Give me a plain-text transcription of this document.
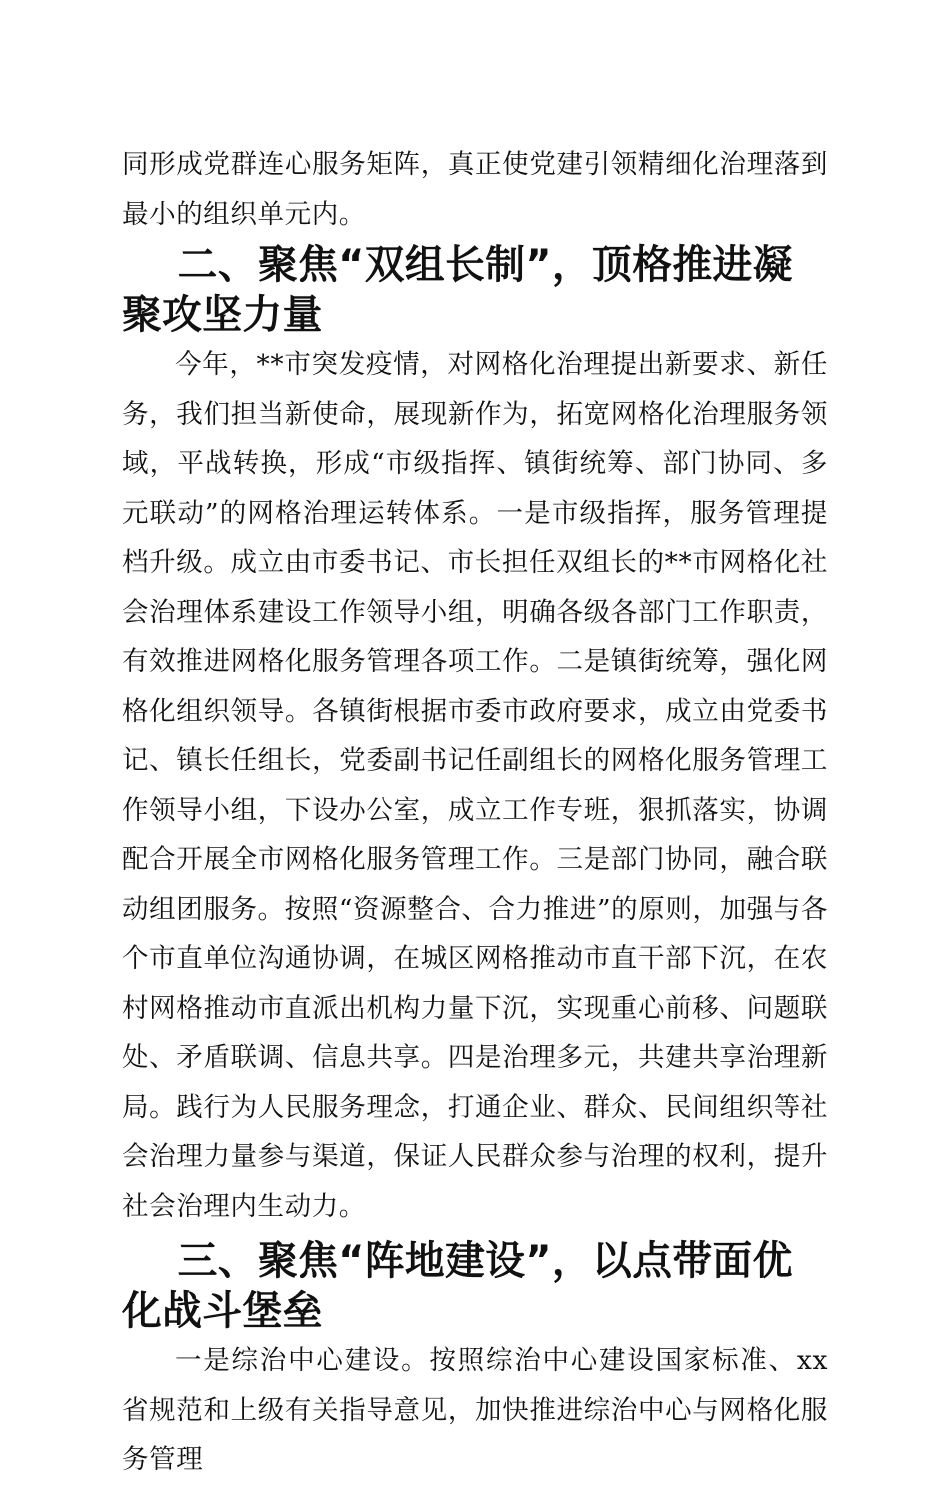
同形成党群连心服务矩阵，真正使党建引领精细化治理落到最小的组织单元内。

二、聚焦“双组长制”，顶格推进凝聚攻坚力量

今年，**市突发疫情，对网格化治理提出新要求、新任务，我们担当新使命，展现新作为，拓宽网格化治理服务领域，平战转换，形成“市级指挥、镇街统筹、部门协同、多元联动”的网格治理运转体系。一是市级指挥，服务管理提档升级。成立由市委书记、市长担任双组长的**市网格化社会治理体系建设工作领导小组，明确各级各部门工作职责，有效推进网格化服务管理各项工作。二是镇街统筹，强化网格化组织领导。各镇街根据市委市政府要求，成立由党委书记、镇长任组长，党委副书记任副组长的网格化服务管理工作领导小组，下设办公室，成立工作专班，狠抓落实，协调配合开展全市网格化服务管理工作。三是部门协同，融合联动组团服务。按照“资源整合、合力推进”的原则，加强与各个市直单位沟通协调，在城区网格推动市直干部下沉，在农村网格推动市直派出机构力量下沉，实现重心前移、问题联处、矛盾联调、信息共享。四是治理多元，共建共享治理新局。践行为人民服务理念，打通企业、群众、民间组织等社会治理力量参与渠道，保证人民群众参与治理的权利，提升社会治理内生动力。

三、聚焦“阵地建设”，以点带面优化战斗堡垒

一是综治中心建设。按照综治中心建设国家标准、xx省规范和上级有关指导意见，加快推进综治中心与网格化服务管理
